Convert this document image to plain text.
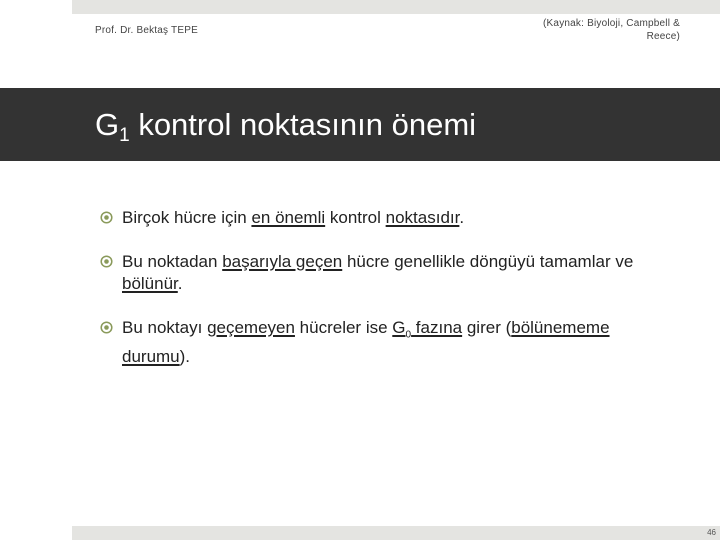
Prof. Dr. Bektaş TEPE
(Kaynak: Biyoloji, Campbell &
Reece)
$G_1$ kontrol noktasının önemi
Birçok hücre için en önemli kontrol noktasıdır.
Bu noktadan başarıyla geçen hücre genellikle döngüyü tamamlar ve bölünür.
Bu noktayı geçemeyen hücreler ise $G_0$ fazına girer (bölünememe durumu).
46
